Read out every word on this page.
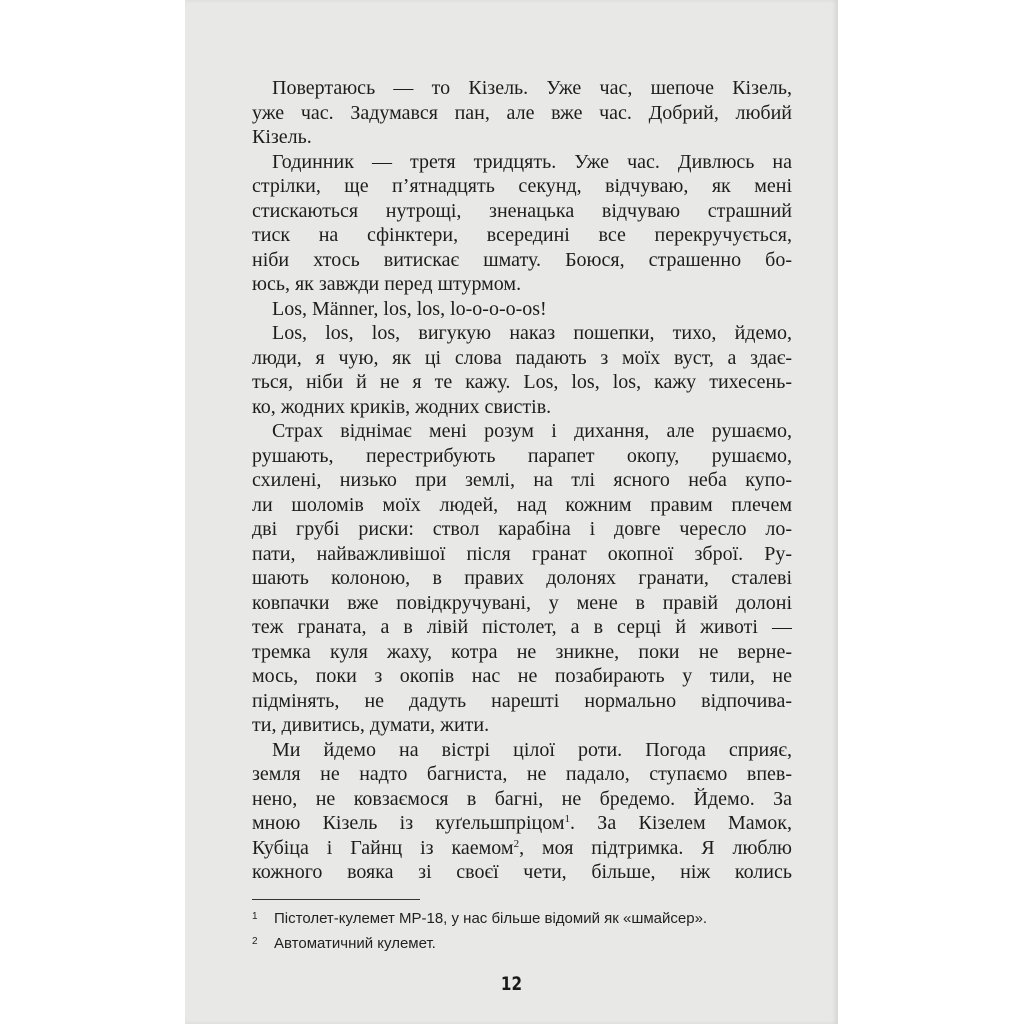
Повертаюсь — то Кізель. Уже час, шепоче Кізель,
уже час. Задумався пан, але вже час. Добрий, любий
Кізель.
Годинник — третя тридцять. Уже час. Дивлюсь на
стрілки, ще п’ятнадцять секунд, відчуваю, як мені
стискаються нутрощі, зненацька відчуваю страшний
тиск на сфінктери, всередині все перекручується,
ніби хтось витискає шмату. Боюся, страшенно бо-
юсь, як завжди перед штурмом.
Los, Männer, los, los, lo-o-o-o-os!
Los, los, los, вигукую наказ пошепки, тихо, йдемо,
люди, я чую, як ці слова падають з моїх вуст, а здає-
ться, ніби й не я те кажу. Los, los, los, кажу тихесень-
ко, жодних криків, жодних свистів.
Страх віднімає мені розум і дихання, але рушаємо,
рушають, перестрибують парапет окопу, рушаємо,
схилені, низько при землі, на тлі ясного неба купо-
ли шоломів моїх людей, над кожним правим плечем
дві грубі риски: ствол карабіна і довге чересло ло-
пати, найважливішої після гранат окопної зброї. Ру-
шають колоною, в правих долонях гранати, сталеві
ковпачки вже повідкручувані, у мене в правій долоні
теж граната, а в лівій пістолет, а в серці й животі —
тремка куля жаху, котра не зникне, поки не верне-
мось, поки з окопів нас не позабирають у тили, не
підмінять, не дадуть нарешті нормально відпочива-
ти, дивитись, думати, жити.
Ми йдемо на вістрі цілої роти. Погода сприяє,
земля не надто багниста, не падало, ступаємо впев-
нено, не ковзаємося в багні, не бредемо. Йдемо. За
мною Кізель із куґельшпріцом$^1$. За Кізелем Мамок,
Кубіца і Гайнц із каемом$^2$, моя підтримка. Я люблю
кожного вояка зі своєї чети, більше, ніж колись
1 Пістолет-кулемет МР-18, у нас більше відомий як «шмайсер».
2 Автоматичний кулемет.
12
